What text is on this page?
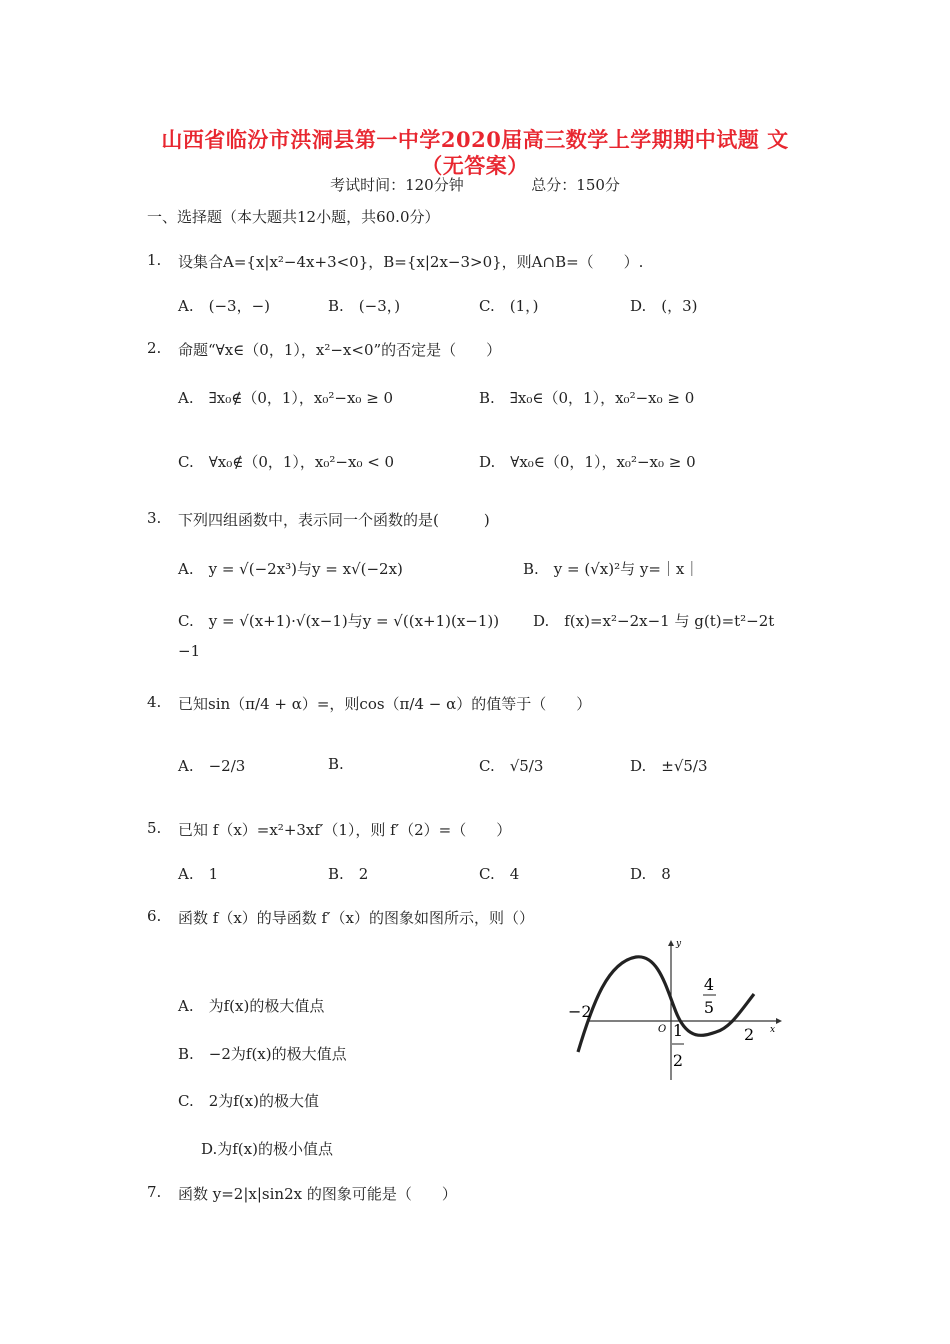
山西省临汾市洪洞县第一中学2020届高三数学上学期期中试题 文
（无答案）
考试时间：120分钟	总分：150分
一、选择题（本大题共12小题，共60.0分）
1. 设集合A={x|x²−4x+3<0}，B={x|2x−3>0}，则A∩B=（　　）.
A.　(−3，−)	B.　(−3，)	C.　(1，)	D.　(，3)
2. 命题“∀x∈（0，1），x²−x<0”的否定是（　　）
A.　∃x₀∉（0，1），x₀²−x₀ ≥ 0	B.　∃x₀∈（0，1），x₀²−x₀ ≥ 0
C.　∀x₀∉（0，1），x₀²−x₀ < 0	D.　∀x₀∈（0，1），x₀²−x₀ ≥ 0
3. 下列四组函数中，表示同一个函数的是(　　　)
A.　y = √(−2x³)与y = x√(−2x)	B.　y = (√x)²与 y=｜x｜
C.　y = √(x+1)·√(x−1)与y = √((x+1)(x−1)) D.　f(x)=x²−2x−1 与 g(t)=t²−2t
−1
4. 已知sin（π/4 + α）=，则cos（π/4 − α）的值等于（　　）
A.　−2/3	B.	C.　√5/3	D.　±√5/3
5. 已知 f（x）=x²+3xf′（1），则 f′（2）=（　　）
A.　1	B.　2	C.　4	D.　8
6. 函数 f（x）的导函数 f′（x）的图象如图所示，则（）
A.　为f(x)的极大值点
B.　−2为f(x)的极大值点
C.　2为f(x)的极大值
D.为f(x)的极小值点
4
5
1
2
−2
2
O	x
y
7. 函数 y=2|x|sin2x 的图象可能是（　　）
